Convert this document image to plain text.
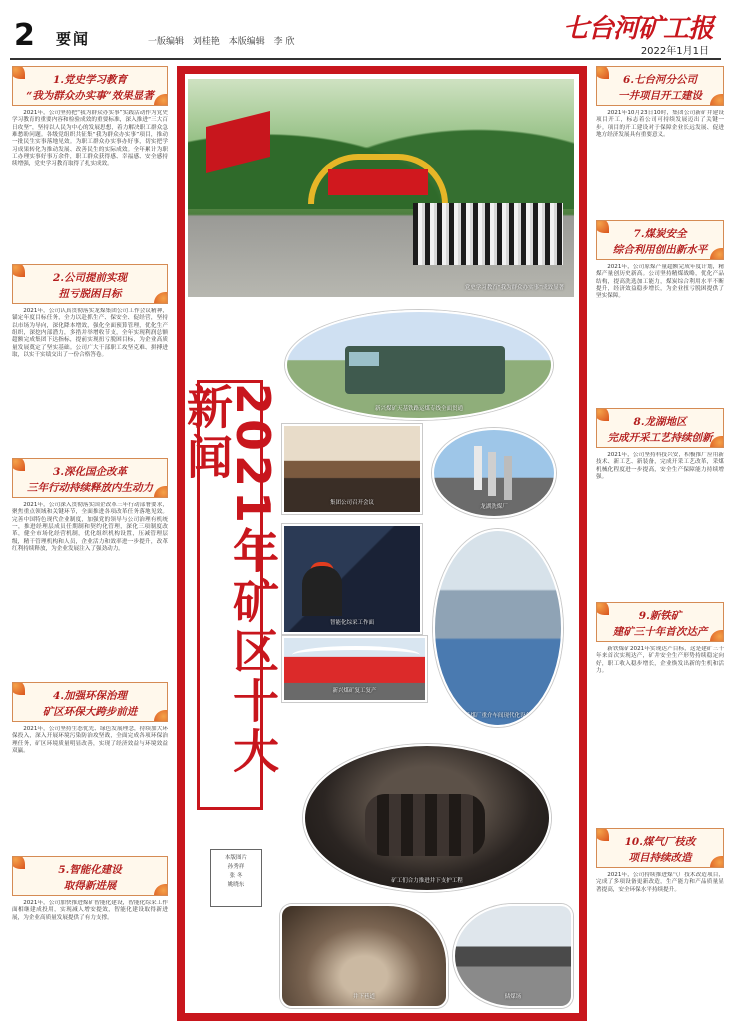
2 要闻	一版编辑 刘桂艳 本版编辑 李 欣	七台河矿工报
2022年1月1日
1.党史学习教育
“我为群众办实事”效果显著
2021年，公司坚持把“我为群众办实事”实践活动作为党史学习教育的重要内容和检验成效的重要标准，深入推进“三大百日攻坚”，坚持以人民为中心的发展思想，着力解决职工群众急难愁盼问题。各级党组织共征集“我为群众办实事”项目，推动一批民生实事落地见效。为职工群众办实事办好事，切实把学习成果转化为推动发展、改善民生的实际成效。全年累计为职工办理实事好事万余件，职工群众获得感、幸福感、安全感持续增强，党史学习教育取得了扎实成效。
2.公司提前实现
扭亏脱困目标
2021年，公司认真贯彻落实龙煤集团公司工作会议精神，锚定年度目标任务，全力以赴抓生产、保安全、促经营，坚持以市场为导向，深化降本增效，强化全面预算管理，优化生产组织，深挖内部潜力，多措并举增收节支，全年实现利润总额超额完成集团下达指标，提前实现扭亏脱困目标，为企业高质量发展奠定了坚实基础。公司广大干部职工攻坚克难、拼搏进取，以实干实绩交出了一份合格答卷。
3.深化国企改革
三年行动持续释放内生动力
2021年，公司深入贯彻落实国企改革三年行动部署要求，聚焦重点领域和关键环节，全面推进各项改革任务落地见效。完善中国特色现代企业制度，加强党的领导与公司治理有机统一，推进经理层成员任期制和契约化管理，深化三项制度改革，健全市场化经营机制，优化组织机构设置，压减管理层级，精干管理机构和人员，企业活力和效率进一步提升，改革红利持续释放，为企业发展注入了强劲动力。
4.加强环保治理
矿区环保大跨步前进
2021年，公司坚持生态优先、绿色发展理念，持续加大环保投入，深入开展环境污染防治攻坚战，全面完成各项环保治理任务，矿区环境质量明显改善，实现了经济效益与环境效益双赢。
5.智能化建设
取得新进展
2021年，公司加快推进煤矿智能化建设，智能化综采工作面相继建成投用，实现减人增安提效，智能化建设取得新进展，为企业高质量发展提供了有力支撑。
党史学习教育“我为群众办实事”成效显著
新兴煤矿天基铁路运煤专线全面贯通
集团公司召开会议
龙湖洗煤厂
智能化综采工作面
选煤厂重介车间现代化设备
新兴煤矿复工复产
矿工们合力推进井下支护工程
井下巷道	储煤场
2021年矿区十大新闻
本版图片
孙秀祥
张 冬
姚晓东
6.七台河分公司
一井项目开工建设
2021年10月23日10时，集团公司新矿井建设项目开工，标志着公司可持续发展迈出了关键一步。项目的开工建设对于保障企业长远发展、促进地方经济发展具有重要意义。
7.煤炭安全
综合利用创出新水平
2021年，公司原煤产量超额完成年度计划，精煤产量创历史新高。公司坚持精煤战略，优化产品结构，提高洗选加工能力，煤炭综合利用水平不断提升，经济效益稳步增长，为企业扭亏脱困提供了坚实保障。
8.龙湖地区
完成开采工艺持续创新
2021年，公司坚持科技兴安，积极推广应用新技术、新工艺、新装备，完成开采工艺改革，采煤机械化程度进一步提高，安全生产保障能力持续增强。
9.新铁矿
建矿三十年首次达产
新铁煤矿2021年实现达产目标，这是建矿三十年来首次实现达产，矿井安全生产形势持续稳定向好，职工收入稳步增长，企业焕发出新的生机和活力。
10.煤气厂枝改
项目持续改造
2021年，公司持续推进煤气厂技术改造项目，完成了多项设备更新改造，生产能力和产品质量显著提高，安全环保水平持续提升。
